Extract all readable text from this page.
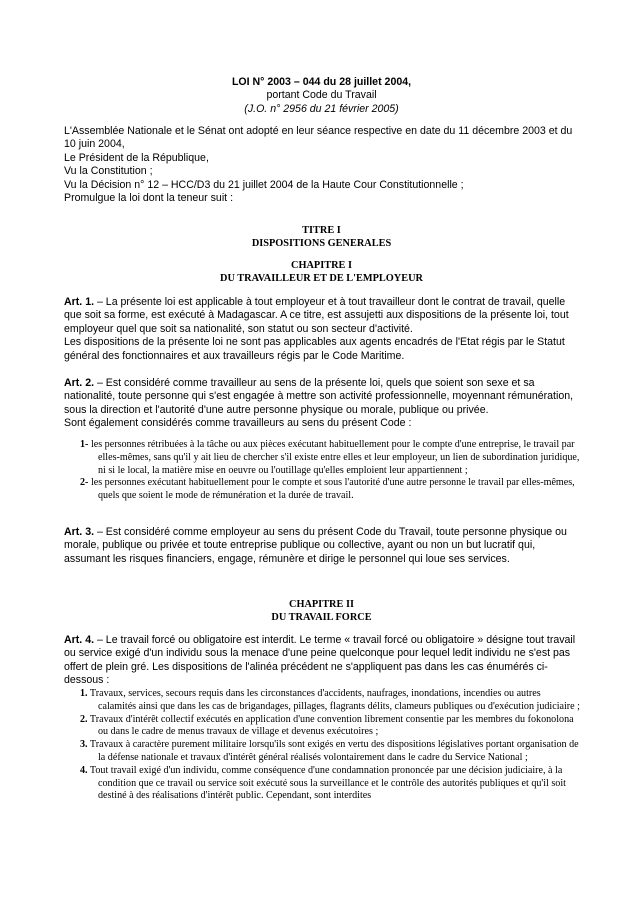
LOI N° 2003 – 044 du 28 juillet 2004,

portant Code du Travail

(J.O. n° 2956 du 21 février 2005)

L'Assemblée Nationale et le Sénat ont adopté en leur séance respective en date du 11 décembre 2003 et du 10 juin 2004,

Le Président de la République,

Vu la Constitution ;

Vu la Décision n° 12 – HCC/D3 du 21 juillet 2004 de la Haute Cour Constitutionnelle ;

Promulgue la loi dont la teneur suit :

TITRE I

DISPOSITIONS GENERALES

CHAPITRE I

DU TRAVAILLEUR ET DE L'EMPLOYEUR

Art. 1. – La présente loi est applicable à tout employeur et à tout travailleur dont le contrat de travail, quelle que soit sa forme, est exécuté à Madagascar. A ce titre, est assujetti aux dispositions de la présente loi, tout employeur quel que soit sa nationalité, son statut ou son secteur d'activité.

Les dispositions de la présente loi ne sont pas applicables aux agents encadrés de l'Etat régis par le Statut général des fonctionnaires et aux travailleurs régis par le Code Maritime.

Art. 2. – Est considéré comme travailleur au sens de la présente loi, quels que soient son sexe et sa nationalité, toute personne qui s'est engagée à mettre son activité professionnelle, moyennant rémunération, sous la direction et l'autorité d'une autre personne physique ou morale, publique ou privée.

Sont également considérés comme travailleurs au sens du présent Code :

1- les personnes rétribuées à la tâche ou aux pièces exécutant habituellement pour le compte d'une entreprise, le travail par elles-mêmes, sans qu'il y ait lieu de chercher s'il existe entre elles et leur employeur, un lien de subordination juridique, ni si le local, la matière mise en oeuvre ou l'outillage qu'elles emploient leur appartiennent ;

2- les personnes exécutant habituellement pour le compte et sous l'autorité d'une autre personne le travail par elles-mêmes, quels que soient le mode de rémunération et la durée de travail.

Art. 3. – Est considéré comme employeur au sens du présent Code du Travail, toute personne physique ou morale, publique ou privée et toute entreprise publique ou collective, ayant ou non un but lucratif qui, assumant les risques financiers, engage, rémunère et dirige le personnel qui loue ses services.

CHAPITRE II

DU TRAVAIL FORCE

Art. 4. – Le travail forcé ou obligatoire est interdit. Le terme « travail forcé ou obligatoire » désigne tout travail ou service exigé d'un individu sous la menace d'une peine quelconque pour lequel ledit individu ne s'est pas offert de plein gré. Les dispositions de l'alinéa précédent ne s'appliquent pas dans les cas énumérés ci-dessous :

1. Travaux, services, secours requis dans les circonstances d'accidents, naufrages, inondations, incendies ou autres calamités ainsi que dans les cas de brigandages, pillages, flagrants délits, clameurs publiques ou d'exécution judiciaire ;

2. Travaux d'intérêt collectif exécutés en application d'une convention librement consentie par les membres du fokonolona ou dans le cadre de menus travaux de village et devenus exécutoires ;

3. Travaux à caractère purement militaire lorsqu'ils sont exigés en vertu des dispositions législatives portant organisation de la défense nationale et travaux d'intérêt général réalisés volontairement dans le cadre du Service National ;

4. Tout travail exigé d'un individu, comme conséquence d'une condamnation prononcée par une décision judiciaire, à la condition que ce travail ou service soit exécuté sous la surveillance et le contrôle des autorités publiques et qu'il soit destiné à des réalisations d'intérêt public. Cependant, sont interdites
